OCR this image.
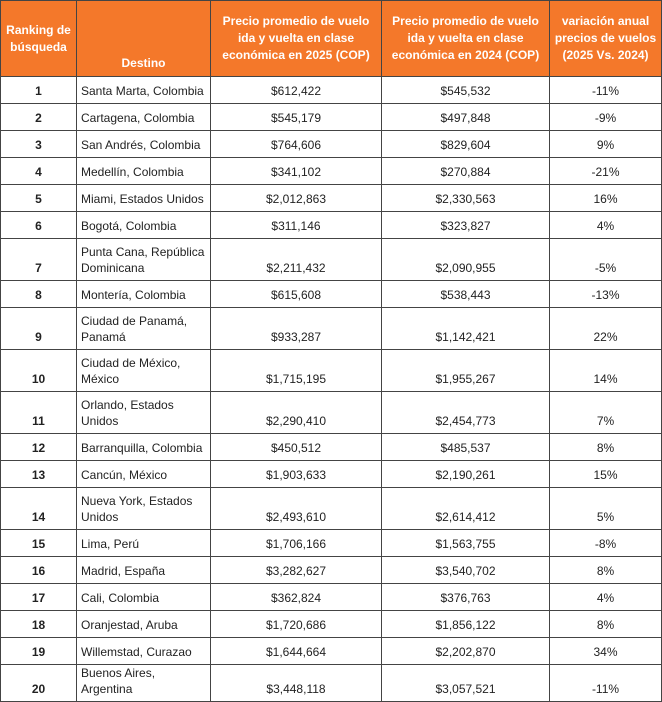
Ranking de búsqueda	Destino	Precio promedio de vuelo ida y vuelta en clase económica en 2025 (COP)	Precio promedio de vuelo ida y vuelta en clase económica en 2024 (COP)	variación anual precios de vuelos (2025 Vs. 2024)
1	Santa Marta, Colombia	$612,422	$545,532	-11%
2	Cartagena, Colombia	$545,179	$497,848	-9%
3	San Andrés, Colombia	$764,606	$829,604	9%
4	Medellín, Colombia	$341,102	$270,884	-21%
5	Miami, Estados Unidos	$2,012,863	$2,330,563	16%
6	Bogotá, Colombia	$311,146	$323,827	4%
7	Punta Cana, República Dominicana	$2,211,432	$2,090,955	-5%
8	Montería, Colombia	$615,608	$538,443	-13%
9	Ciudad de Panamá, Panamá	$933,287	$1,142,421	22%
10	Ciudad de México, México	$1,715,195	$1,955,267	14%
11	Orlando, Estados Unidos	$2,290,410	$2,454,773	7%
12	Barranquilla, Colombia	$450,512	$485,537	8%
13	Cancún, México	$1,903,633	$2,190,261	15%
14	Nueva York, Estados Unidos	$2,493,610	$2,614,412	5%
15	Lima, Perú	$1,706,166	$1,563,755	-8%
16	Madrid, España	$3,282,627	$3,540,702	8%
17	Cali, Colombia	$362,824	$376,763	4%
18	Oranjestad, Aruba	$1,720,686	$1,856,122	8%
19	Willemstad, Curazao	$1,644,664	$2,202,870	34%
20	Buenos Aires, Argentina	$3,448,118	$3,057,521	-11%
